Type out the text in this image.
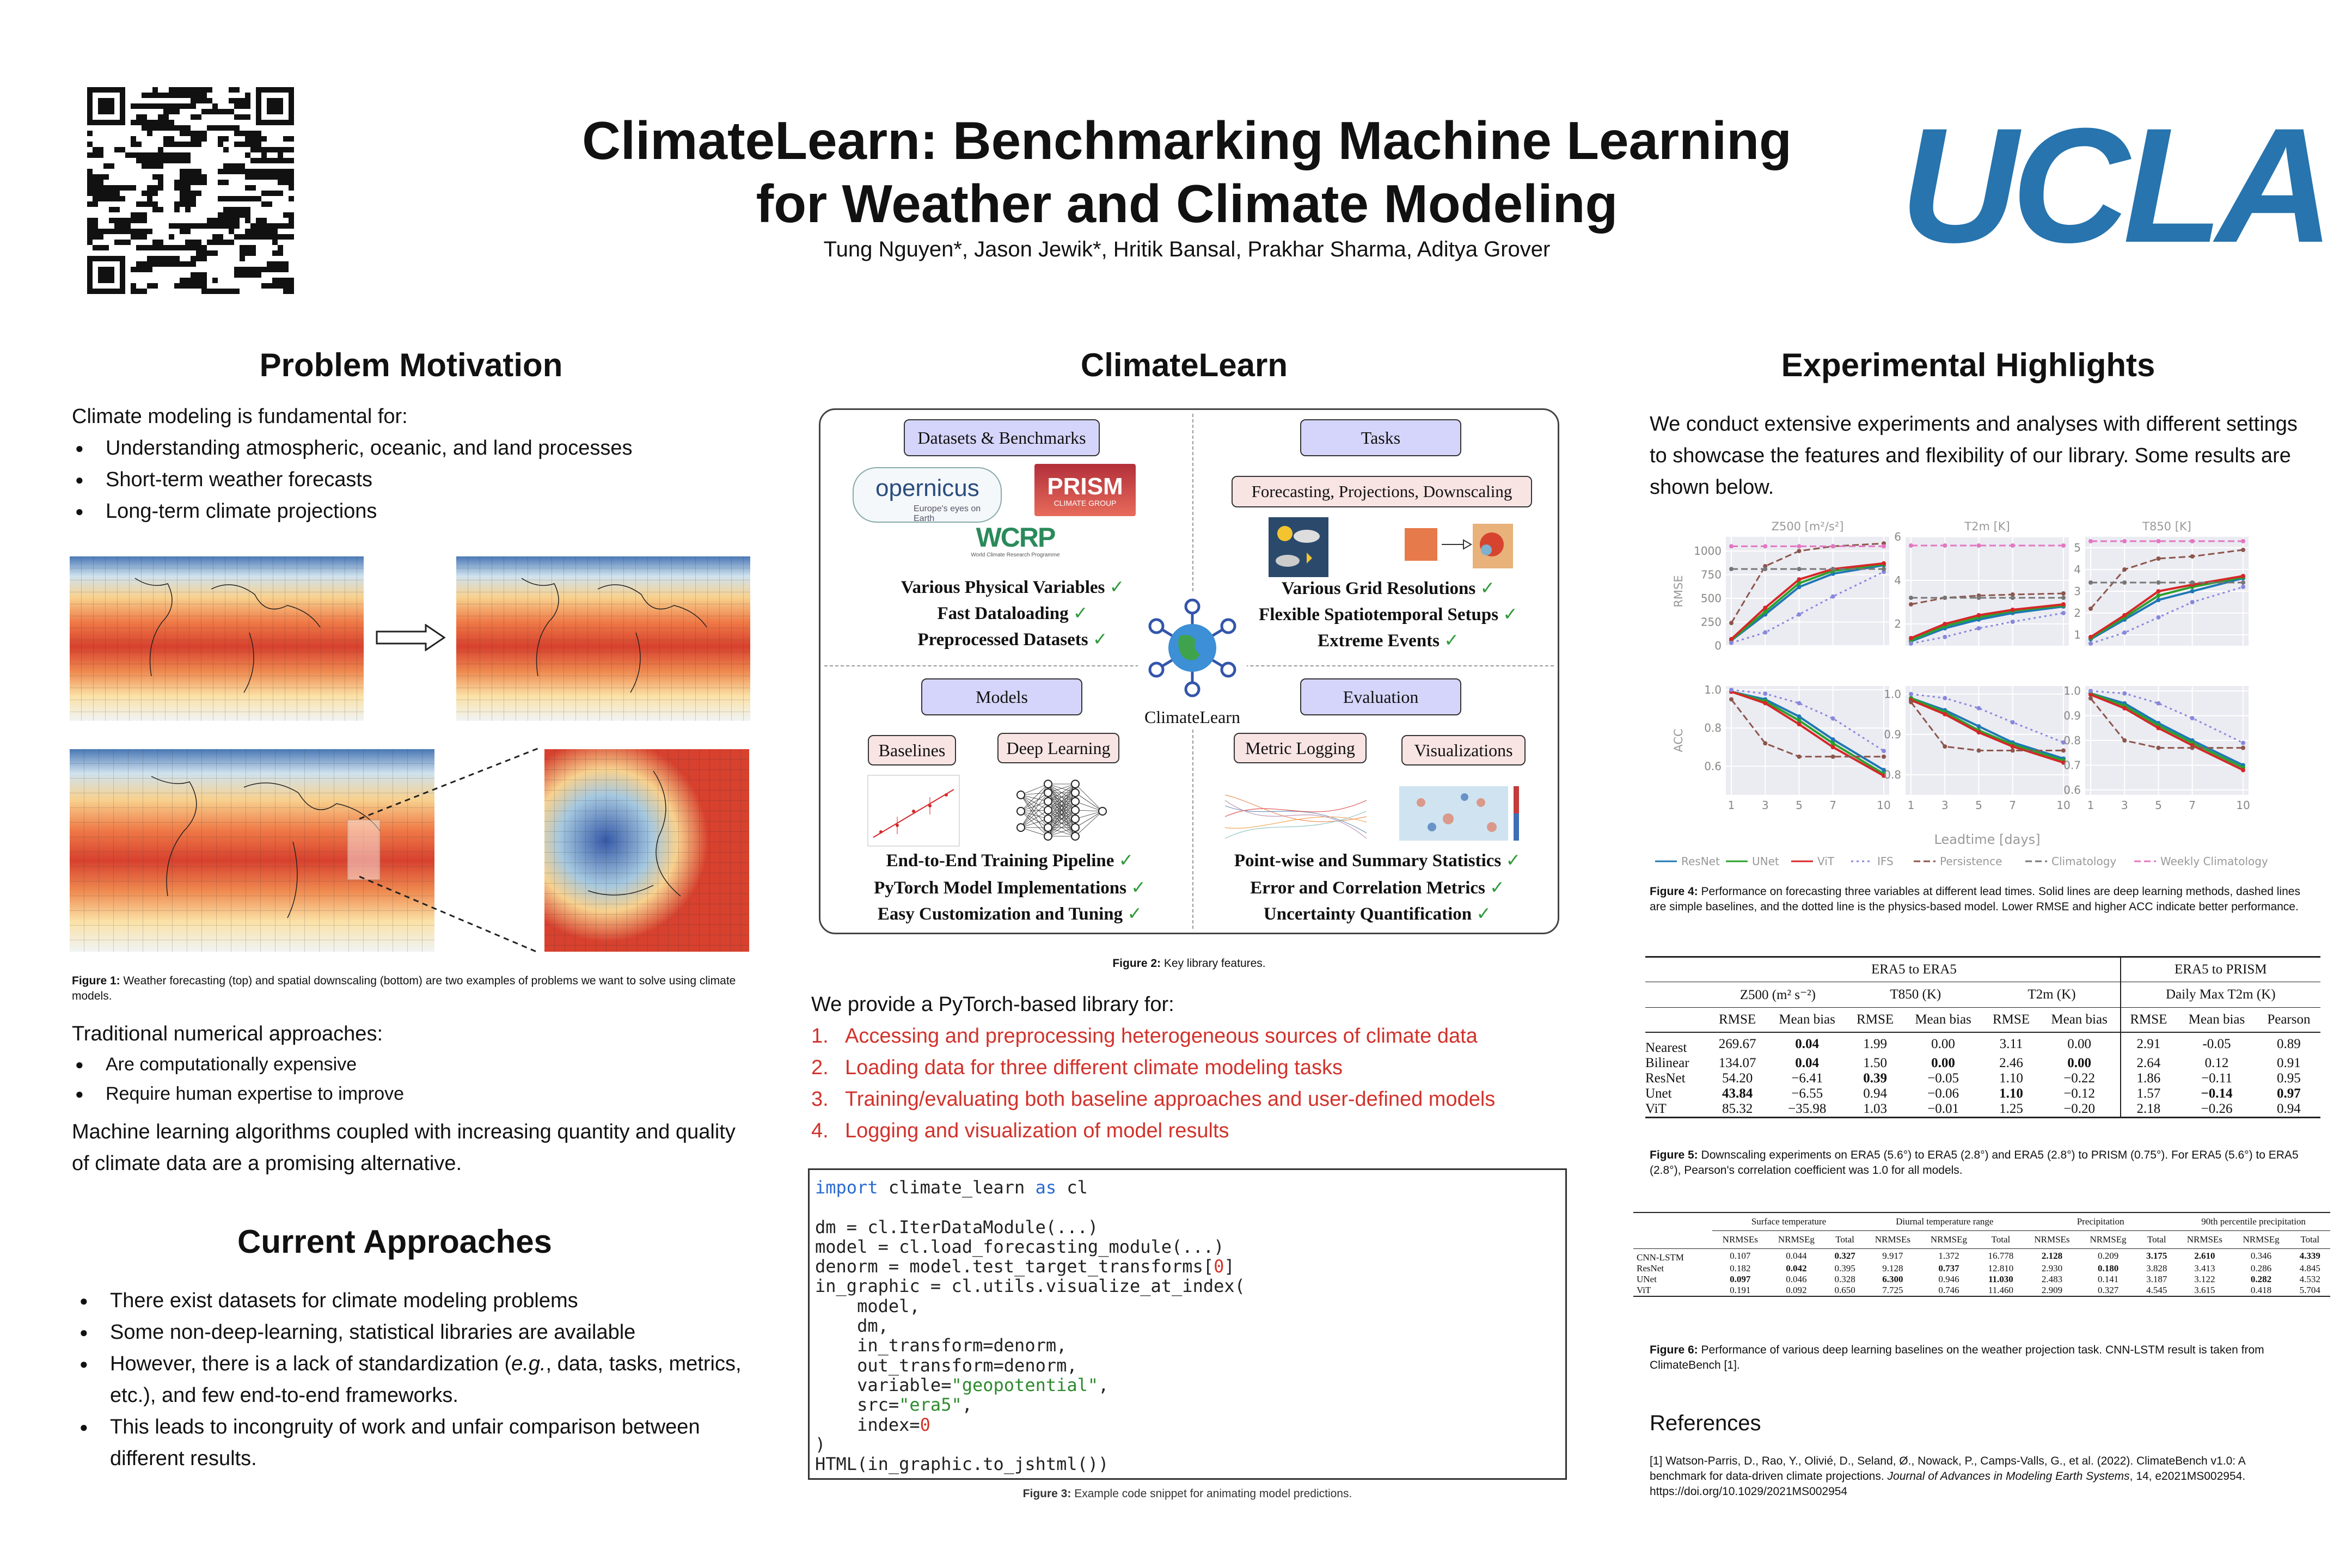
ClimateLearn: Benchmarking Machine Learning
for Weather and Climate Modeling
Tung Nguyen*, Jason Jewik*, Hritik Bansal, Prakhar Sharma, Aditya Grover	UCLA
Problem Motivation
Climate modeling is fundamental for:
● Understanding atmospheric, oceanic, and land processes
● Short-term weather forecasts
● Long-term climate projections
Figure 1: Weather forecasting (top) and spatial downscaling (bottom) are two examples of problems we want to solve using climate models.
Traditional numerical approaches:
● Are computationally expensive
● Require human expertise to improve
Machine learning algorithms coupled with increasing quantity and quality of climate data are a promising alternative.
Current Approaches
● There exist datasets for climate modeling problems
● Some non-deep-learning, statistical libraries are available
● However, there is a lack of standardization (e.g., data, tasks, metrics, etc.), and few end-to-end frameworks.
● This leads to incongruity of work and unfair comparison between different results.
ClimateLearn
Datasets & Benchmarks	Tasks
Forecasting, Projections, Downscaling
opernicus
Europe's eyes on Earth
PRISM
CLIMATE GROUP
WCRP
World Climate Research Programme
Various Physical Variables ✓
Fast Dataloading ✓
Preprocessed Datasets ✓
Various Grid Resolutions ✓
Flexible Spatiotemporal Setups ✓
Extreme Events ✓
ClimateLearn
Models	Evaluation
Baselines	Deep Learning	Metric Logging	Visualizations
End-to-End Training Pipeline ✓
PyTorch Model Implementations ✓
Easy Customization and Tuning ✓
Point-wise and Summary Statistics ✓
Error and Correlation Metrics ✓
Uncertainty Quantification ✓
Figure 2: Key library features.
We provide a PyTorch-based library for:
1. Accessing and preprocessing heterogeneous sources of climate data
2. Loading data for three different climate modeling tasks
3. Training/evaluating both baseline approaches and user-defined models
4. Logging and visualization of model results
import climate_learn as cl

dm = cl.IterDataModule(...)
model = cl.load_forecasting_module(...)
denorm = model.test_target_transforms[0]
in_graphic = cl.utils.visualize_at_index(
model,
dm,
in_transform=denorm,
out_transform=denorm,
variable="geopotential",
src="era5",
index=0
)
HTML(in_graphic.to_jshtml())
Figure 3: Example code snippet for animating model predictions.
Experimental Highlights
We conduct extensive experiments and analyses with different settings to showcase the features and flexibility of our library. Some results are shown below.
0
250
500
750
1000
Z500 [m²/s²]
RMSE
2
4
6
T2m [K]
1
2
3
4
5
T850 [K]
0.6
0.8
1.0
1 3 5 7	10
ACC
0.8
0.9
1.0
1 3 5 7	10
0.6
0.7
0.8
0.9
1.0
1 3 5 7	10
Leadtime [days]
ResNet	UNet	ViT	IFS	Persistence	Climatology	Weekly Climatology
Figure 4: Performance on forecasting three variables at different lead times. Solid lines are deep learning methods, dashed lines are simple baselines, and the dotted line is the physics-based model. Lower RMSE and higher ACC indicate better performance.
	ERA5 to ERA5						ERA5 to PRISM		
	Z500 (m² s⁻²)		T850 (K)		T2m (K)		Daily Max T2m (K)		
	RMSE	Mean bias	RMSE	Mean bias	RMSE	Mean bias	RMSE	Mean bias	Pearson
Nearest	269.67	0.04	1.99	0.00	3.11	0.00	2.91	-0.05	0.89
Bilinear	134.07	0.04	1.50	0.00	2.46	0.00	2.64	0.12	0.91
ResNet	54.20	−6.41	0.39	−0.05	1.10	−0.22	1.86	−0.11	0.95
Unet	43.84	−6.55	0.94	−0.06	1.10	−0.12	1.57	−0.14	0.97
ViT	85.32	−35.98	1.03	−0.01	1.25	−0.20	2.18	−0.26	0.94
Figure 5: Downscaling experiments on ERA5 (5.6°) to ERA5 (2.8°) and ERA5 (2.8°) to PRISM (0.75°). For ERA5 (5.6°) to ERA5 (2.8°), Pearson's correlation coefficient was 1.0 for all models.
	Surface temperature			Diurnal temperature range			Precipitation			90th percentile precipitation		
	NRMSEs	NRMSEg	Total	NRMSEs	NRMSEg	Total	NRMSEs	NRMSEg	Total	NRMSEs	NRMSEg	Total
CNN-LSTM	0.107	0.044	0.327	9.917	1.372	16.778	2.128	0.209	3.175	2.610	0.346	4.339
ResNet	0.182	0.042	0.395	9.128	0.737	12.810	2.930	0.180	3.828	3.413	0.286	4.845
UNet	0.097	0.046	0.328	6.300	0.946	11.030	2.483	0.141	3.187	3.122	0.282	4.532
ViT	0.191	0.092	0.650	7.725	0.746	11.460	2.909	0.327	4.545	3.615	0.418	5.704
Figure 6: Performance of various deep learning baselines on the weather projection task. CNN-LSTM result is taken from ClimateBench [1].
References
[1] Watson-Parris, D., Rao, Y., Olivié, D., Seland, Ø., Nowack, P., Camps-Valls, G., et al. (2022). ClimateBench v1.0: A benchmark for data-driven climate projections. Journal of Advances in Modeling Earth Systems, 14, e2021MS002954. https://doi.org/10.1029/2021MS002954
